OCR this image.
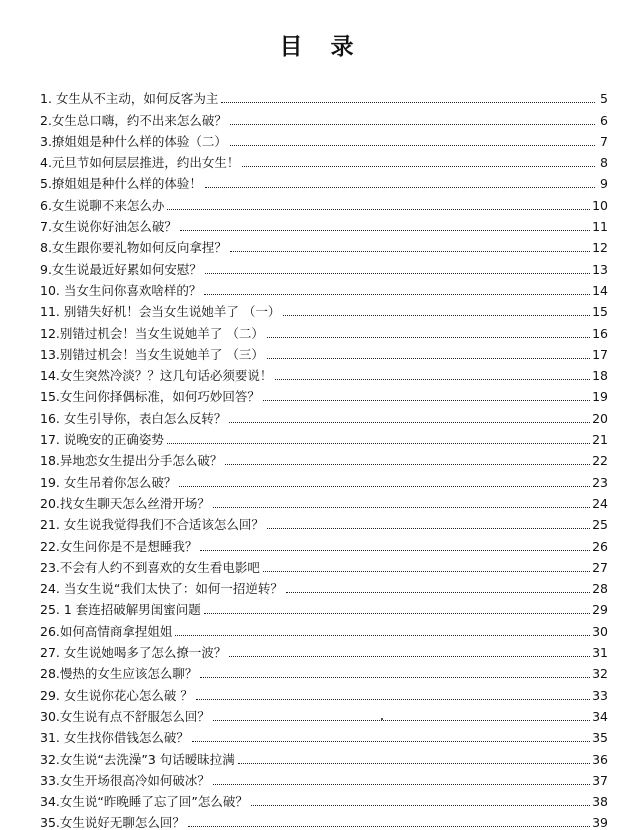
目 录
1. 女生从不主动，如何反客为主	5
2.女生总口嗨，约不出来怎么破？	6
3.撩姐姐是种什么样的体验（二）	7
4.元旦节如何层层推进，约出女生！	8
5.撩姐姐是种什么样的体验！	9
6.女生说聊不来怎么办	10
7.女生说你好油怎么破？	11
8.女生跟你要礼物如何反向拿捏？	12
9.女生说最近好累如何安慰？	13
10. 当女生问你喜欢啥样的？	14
11. 别错失好机！会当女生说她羊了 （一）	15
12.别错过机会！当女生说她羊了 （二）	16
13.别错过机会！当女生说她羊了 （三）	17
14.女生突然冷淡？？这几句话必须要说！	18
15.女生问你择偶标准，如何巧妙回答？	19
16. 女生引导你，表白怎么反转？	20
17. 说晚安的正确姿势	21
18.异地恋女生提出分手怎么破？	22
19. 女生吊着你怎么破？	23
20.找女生聊天怎么丝滑开场？	24
21. 女生说我觉得我们不合适该怎么回？	25
22.女生问你是不是想睡我？	26
23.不会有人约不到喜欢的女生看电影吧	27
24. 当女生说“我们太快了：如何一招逆转？	28
25. 1 套连招破解男闺蜜问题	29
26.如何高情商拿捏姐姐	30
27. 女生说她喝多了怎么撩一波？	31
28.慢热的女生应该怎么聊？	32
29. 女生说你花心怎么破 ？	33
30.女生说有点不舒服怎么回？	34
31. 女生找你借钱怎么破？	35
32.女生说“去洗澡”3 句话暧昧拉满	36
33.女生开场很高冷如何破冰？	37
34.女生说“昨晚睡了忘了回”怎么破？	38
35.女生说好无聊怎么回？	39
